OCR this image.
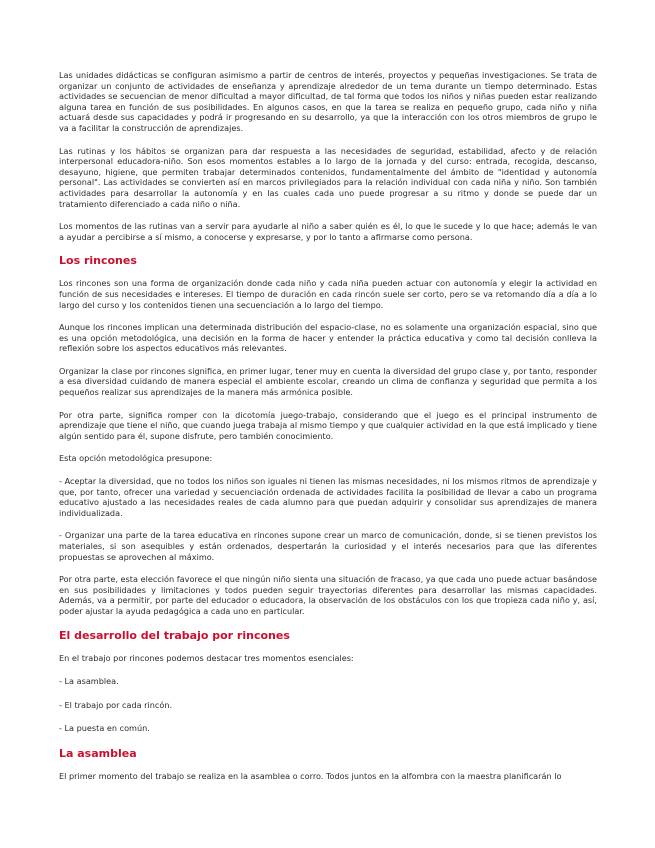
Las unidades didácticas se configuran asimismo a partir de centros de interés, proyectos y pequeñas investigaciones. Se trata de organizar un conjunto de actividades de enseñanza y aprendizaje alrededor de un tema durante un tiempo determinado. Estas actividades se secuencian de menor dificultad a mayor dificultad, de tal forma que todos los niños y niñas pueden estar realizando alguna tarea en función de sus posibilidades. En algunos casos, en que la tarea se realiza en pequeño grupo, cada niño y niña actuará desde sus capacidades y podrá ir progresando en su desarrollo, ya que la interacción con los otros miembros de grupo le va a facilitar la construcción de aprendizajes.

Las rutinas y los hábitos se organizan para dar respuesta a las necesidades de seguridad, estabilidad, afecto y de relación interpersonal educadora-niño. Son esos momentos estables a lo largo de la jornada y del curso: entrada, recogida, descanso, desayuno, higiene, que permiten trabajar determinados contenidos, fundamentalmente del ámbito de "identidad y autonomía personal". Las actividades se convierten así en marcos privilegiados para la relación individual con cada niña y niño. Son también actividades para desarrollar la autonomía y en las cuales cada uno puede progresar a su ritmo y donde se puede dar un tratamiento diferenciado a cada niño o niña.

Los momentos de las rutinas van a servir para ayudarle al niño a saber quién es él, lo que le sucede y lo que hace; además le van a ayudar a percibirse a sí mismo, a conocerse y expresarse, y por lo tanto a afirmarse como persona.

Los rincones

Los rincones son una forma de organización donde cada niño y cada niña pueden actuar con autonomía y elegir la actividad en función de sus necesidades e intereses. El tiempo de duración en cada rincón suele ser corto, pero se va retomando día a día a lo largo del curso y los contenidos tienen una secuenciación a lo largo del tiempo.

Aunque los rincones implican una determinada distribución del espacio-clase, no es solamente una organización espacial, sino que es una opción metodológica, una decisión en la forma de hacer y entender la práctica educativa y como tal decisión conlleva la reflexión sobre los aspectos educativos más relevantes.

Organizar la clase por rincones significa, en primer lugar, tener muy en cuenta la diversidad del grupo clase y, por tanto, responder a esa diversidad cuidando de manera especial el ambiente escolar, creando un clima de confianza y seguridad que permita a los pequeños realizar sus aprendizajes de la manera más armónica posible.

Por otra parte, significa romper con la dicotomía juego-trabajo, considerando que el juego es el principal instrumento de aprendizaje que tiene el niño, que cuando juega trabaja al mismo tiempo y que cualquier actividad en la que está implicado y tiene algún sentido para él, supone disfrute, pero también conocimiento.

Esta opción metodológica presupone:

- Aceptar la diversidad, que no todos los niños son iguales ni tienen las mismas necesidades, ni los mismos ritmos de aprendizaje y que, por tanto, ofrecer una variedad y secuenciación ordenada de actividades facilita la posibilidad de llevar a cabo un programa educativo ajustado a las necesidades reales de cada alumno para que puedan adquirir y consolidar sus aprendizajes de manera individualizada.

- Organizar una parte de la tarea educativa en rincones supone crear un marco de comunicación, donde, si se tienen previstos los materiales, si son asequibles y están ordenados, despertarán la curiosidad y el interés necesarios para que las diferentes propuestas se aprovechen al máximo.

Por otra parte, esta elección favorece el que ningún niño sienta una situación de fracaso, ya que cada uno puede actuar basándose en sus posibilidades y limitaciones y todos pueden seguir trayectorias diferentes para desarrollar las mismas capacidades. Además, va a permitir, por parte del educador o educadora, la observación de los obstáculos con los que tropieza cada niño y, así, poder ajustar la ayuda pedagógica a cada uno en particular.

El desarrollo del trabajo por rincones

En el trabajo por rincones podemos destacar tres momentos esenciales:

- La asamblea.

- El trabajo por cada rincón.

- La puesta en común.

La asamblea

El primer momento del trabajo se realiza en la asamblea o corro. Todos juntos en la alfombra con la maestra planificarán lo
